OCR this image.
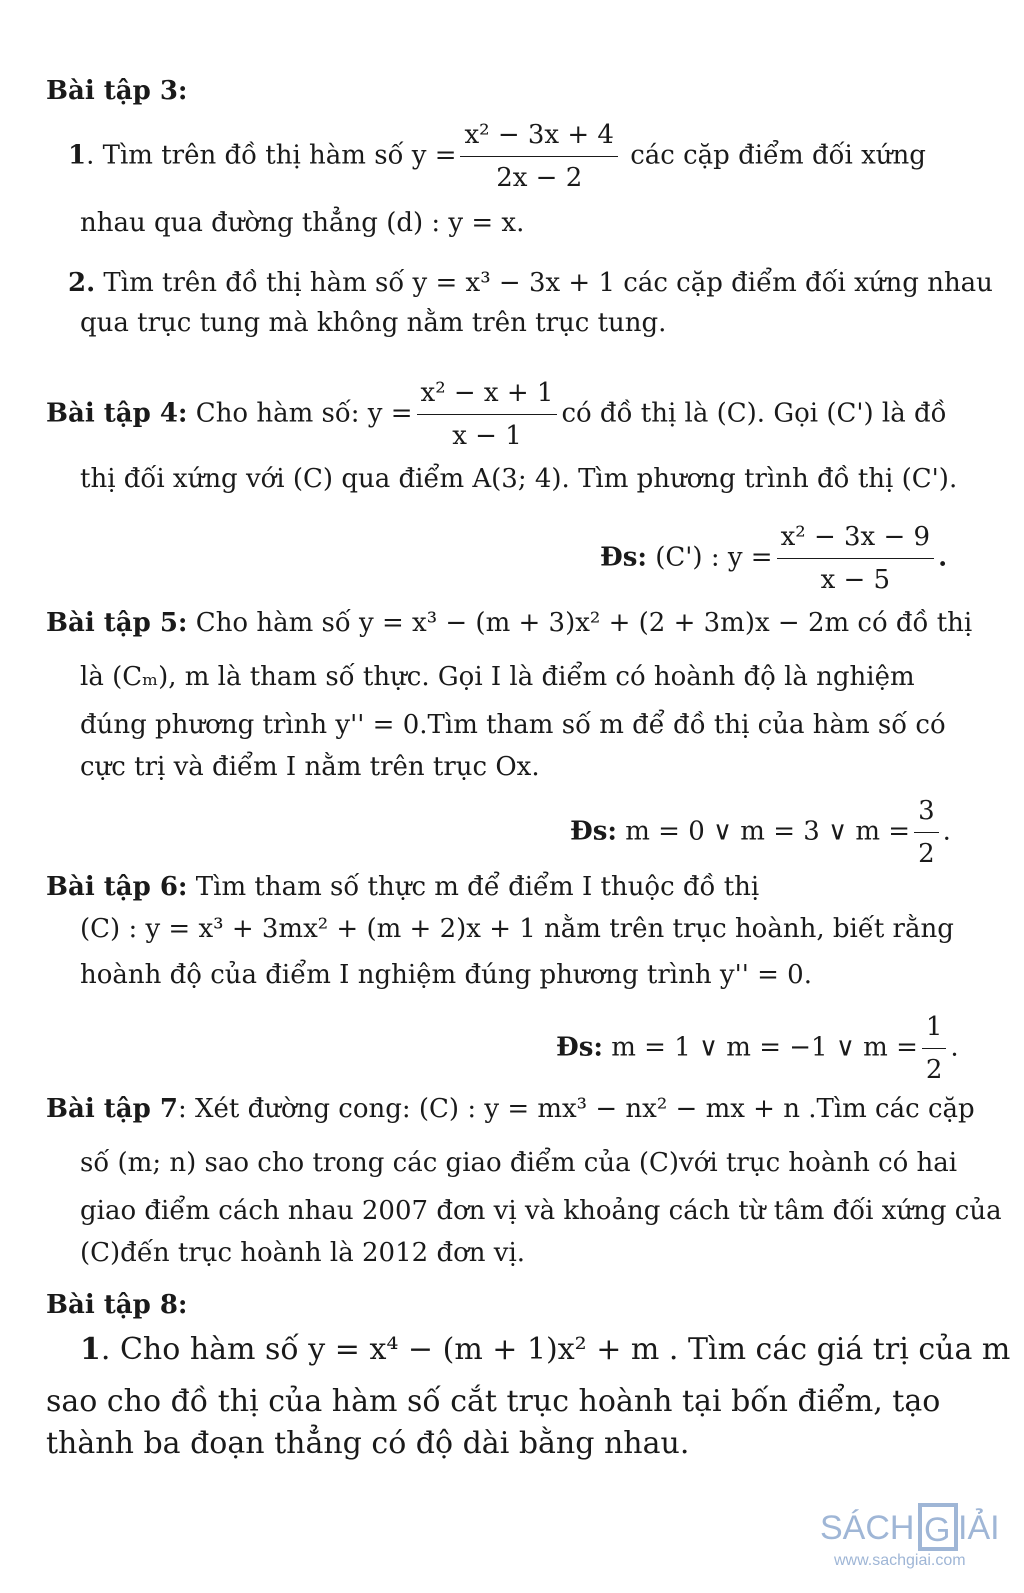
Bài tập 3:
1. Tìm trên đồ thị hàm số $y = \frac{\text{x² − 3x + 4}}{2x - 2}$ các cặp điểm đối xứng
nhau qua đường thẳng (d) : y = x.
2. Tìm trên đồ thị hàm số y = x³ − 3x + 1 các cặp điểm đối xứng nhau
qua trục tung mà không nằm trên trục tung.
Bài tập 4: Cho hàm số: $y = \frac{\text{x² − x + 1}}{x - 1}$ có đồ thị là (C). Gọi (C') là đồ
thị đối xứng với (C) qua điểm A(3; 4). Tìm phương trình đồ thị (C').
Đs: (C') : $y = \frac{\text{x² − 3x − 9}}{x - 5}$ .
Bài tập 5: Cho hàm số y = x³ − (m + 3)x² + (2 + 3m)x − 2m có đồ thị
là (Cₘ), m là tham số thực. Gọi I là điểm có hoành độ là nghiệm
đúng phương trình y'' = 0.Tìm tham số m để đồ thị của hàm số có
cực trị và điểm I nằm trên trục Ox.
Đs: m = 0 ∨ m = 3 ∨ $m = \frac{3}{2}$ .
Bài tập 6: Tìm tham số thực m để điểm I thuộc đồ thị
(C) : y = x³ + 3mx² + (m + 2)x + 1 nằm trên trục hoành, biết rằng
hoành độ của điểm I nghiệm đúng phương trình y'' = 0.
Đs: m = 1 ∨ m = −1 ∨ $m = \frac{1}{2}$ .
Bài tập 7: Xét đường cong: (C) : y = mx³ − nx² − mx + n .Tìm các cặp
số (m; n) sao cho trong các giao điểm của (C)với trục hoành có hai
giao điểm cách nhau 2007 đơn vị và khoảng cách từ tâm đối xứng của
(C)đến trục hoành là 2012 đơn vị.
Bài tập 8:
1. Cho hàm số y = x⁴ − (m + 1)x² + m . Tìm các giá trị của m
sao cho đồ thị của hàm số cắt trục hoành tại bốn điểm, tạo
thành ba đoạn thẳng có độ dài bằng nhau.
SÁCH G IẢI
www.sachgiai.com
